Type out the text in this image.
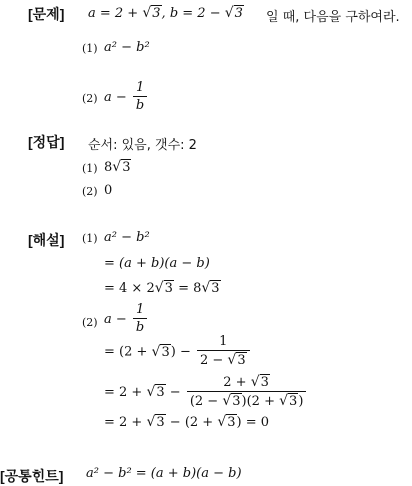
[문제] a = 2 + √3, b = 2 − √3 일 때, 다음을 구하여라.
(1) a² − b²
(2) $a - \frac{1}{b}$
[정답] 순서: 있음, 갯수: 2
(1) 8√3
(2) 0
[해설] (1) a² − b²
= (a + b)(a − b)
= 4 × 2√3 = 8√3
(2) $a - \frac{1}{b}$
= $(2 + √3) - \frac{1}{2 - √3}$
= $2 + √3 - \frac{2 + √3}{(2 - √3)(2 + √3)}$
= 2 + √3 − (2 + √3) = 0
[공통힌트] a² − b² = (a + b)(a − b)
